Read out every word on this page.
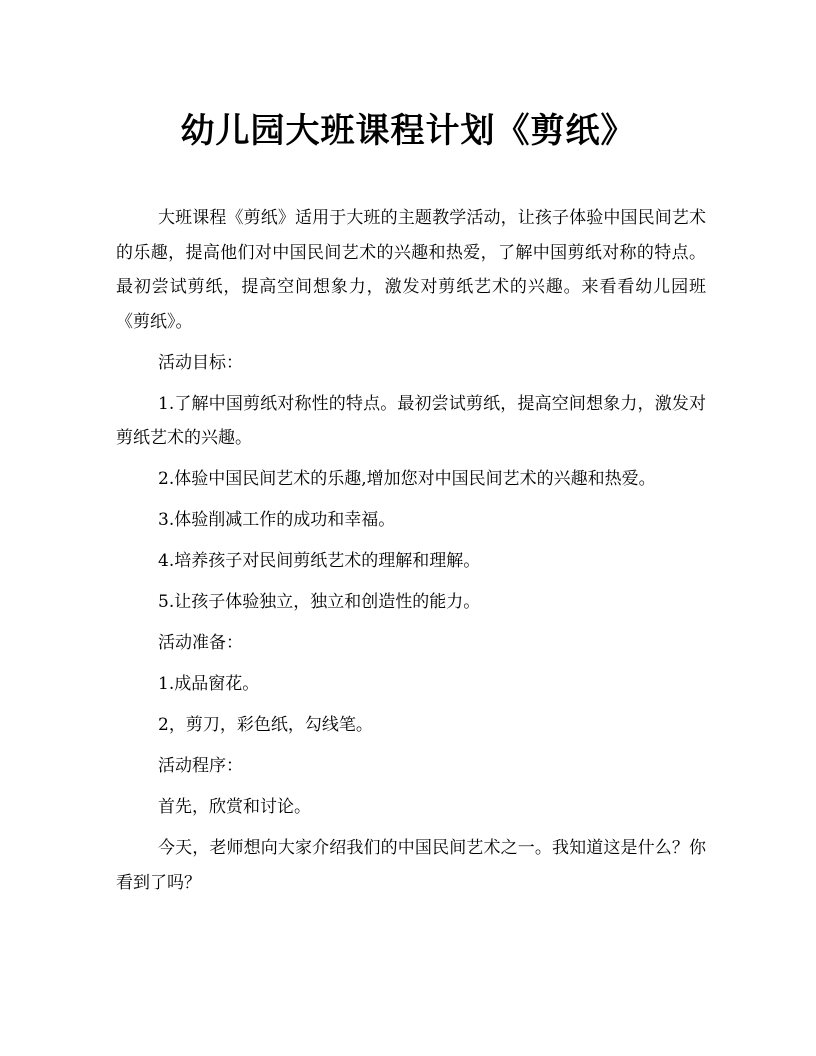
幼儿园大班课程计划《剪纸》

大班课程《剪纸》适用于大班的主题教学活动，让孩子体验中国民间艺术的乐趣，提高他们对中国民间艺术的兴趣和热爱，了解中国剪纸对称的特点。最初尝试剪纸，提高空间想象力，激发对剪纸艺术的兴趣。来看看幼儿园班《剪纸》。

活动目标：

1.了解中国剪纸对称性的特点。最初尝试剪纸，提高空间想象力，激发对剪纸艺术的兴趣。

2.体验中国民间艺术的乐趣,增加您对中国民间艺术的兴趣和热爱。

3.体验削减工作的成功和幸福。

4.培养孩子对民间剪纸艺术的理解和理解。

5.让孩子体验独立，独立和创造性的能力。

活动准备：

1.成品窗花。

2，剪刀，彩色纸，勾线笔。

活动程序：

首先，欣赏和讨论。

今天，老师想向大家介绍我们的中国民间艺术之一。我知道这是什么？你看到了吗？
